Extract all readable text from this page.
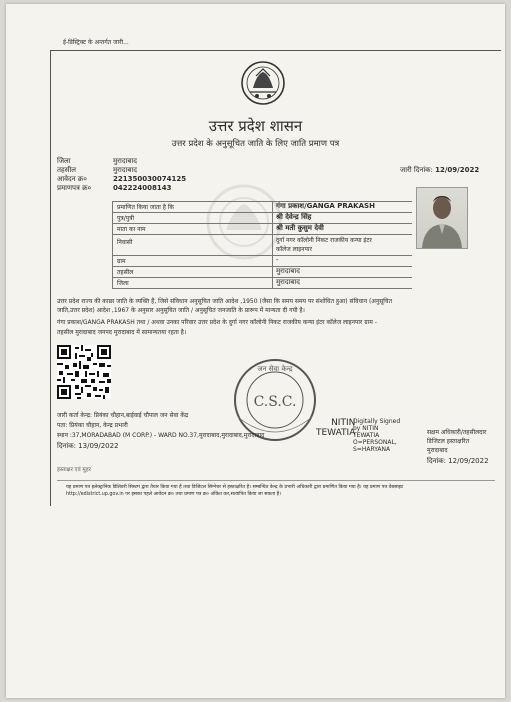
ई-डिस्ट्रिक्ट के अन्तर्गत जारी...
उत्तर प्रदेश शासन
उत्तर प्रदेश के अनुसूचित जाति के लिए जाति प्रमाण पत्र
जिला	मुरादाबाद
तहसील	मुरादाबाद
आवेदन क्र०	221350030074125
प्रमाणपत्र क्र०	042224008143
जारी दिनांक: 12/09/2022
प्रमाणित किया जाता है कि	गंगा प्रकाश/GANGA PRAKASH
पुत्र/पुत्री	श्री देवेन्द्र सिंह
माता का नाम	श्री मती कुसुम देवी
निवासी	दुर्गा नगर कॉलोनी निकट राजकीय कन्या इंटर
कॉलेज लाइनपार
ग्राम	-
तहसील	मुरादाबाद
जिला	मुरादाबाद
उत्तर प्रदेश राज्य की काछा जाति के व्यक्ति हैं, जिसे संविधान अनुसूचित जाति आदेश ,1950 (जैसा कि समय समय पर संशोधित हुआ) संविधान (अनुसूचित
जाति,उत्तर प्रदेश) आदेश ,1967 के अनुसार अनुसूचित जाति / अनुसूचित जनजाति के प्रारूप में मान्यता दी गयी है।
गंगा प्रकाश/GANGA PRAKASH तथा / अथवा उनका परिवार उत्तर प्रदेश के दुर्गा नगर कॉलोनी निकट राजकीय कन्या इंटर कॉलेज लाइनपार ग्राम -
तहसील मुरादाबाद जनपद मुरादाबाद में सामान्यतया रहता है।
C.S.C.
जन सेवा केन्द्र
NITIN
TEWATIA
Digitally Signed
by NITIN
TEWATIA
O=PERSONAL,
S=HARYANA
जारी कर्ता केन्द्र: प्रियंका चौहान,बाईवाई चौपाल जन सेवा केंद्र
पता: प्रियंका चौहान, केन्द्र प्रभारी
स्थान :37,MORADABAD (M CORP.) - WARD NO.37,मुरादाबाद,मुरादाबाद,मुरादाबाद
दिनांक: 13/09/2022
सक्षम अधिकारी/तहसीलदार
डिजिटल हस्ताक्षरित
मुरादाबाद
दिनांक: 12/09/2022
हस्ताक्षर एवं मुहर
यह प्रमाण पत्र इलेक्ट्रानिक डिलिवरी सिस्टम द्वारा तैयार किया गया है तथा डिजिटल सिग्नेचर से हस्ताक्षरित है। सम्बन्धित केन्द्र के प्रभारी अधिकारी द्वारा प्रमाणित किया गया है। यह प्रमाण पत्र वेबसाइट
http://edistrict.up.gov.in पर इसका पहले आवेदन क्र० तथा प्रमाण पत्र क्र० अंकित कर,सत्यापित किया जा सकता है।
